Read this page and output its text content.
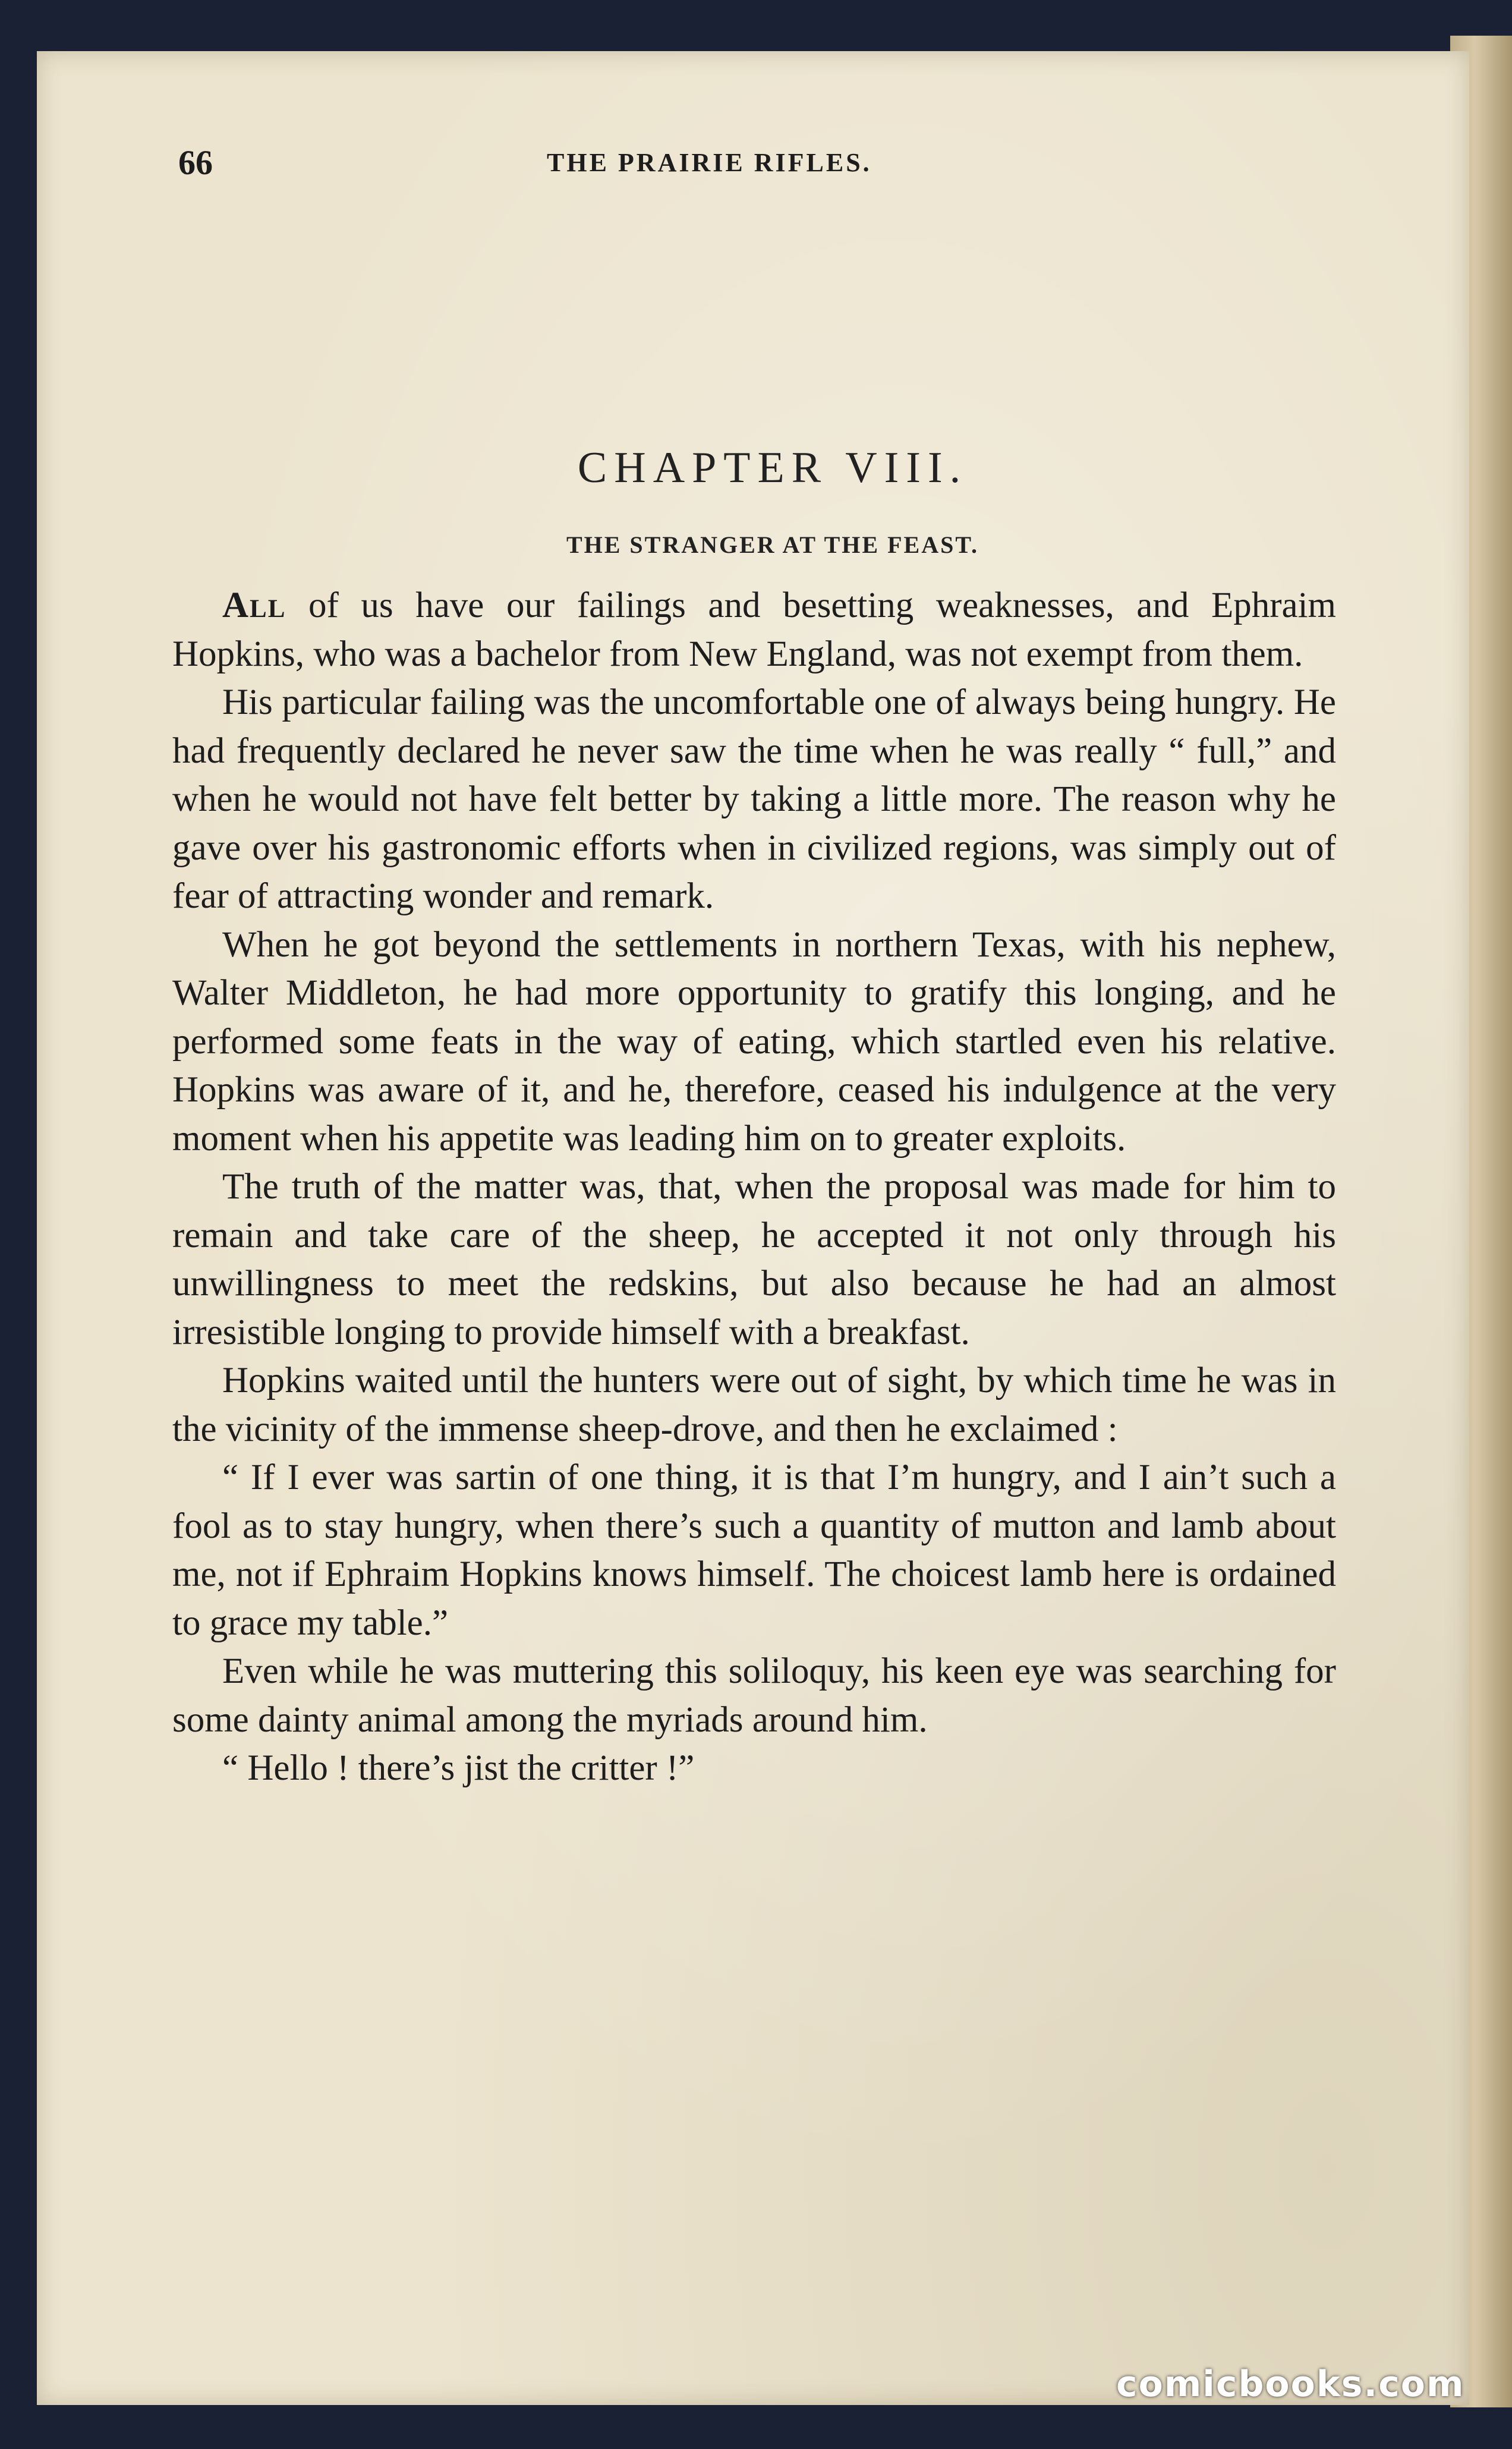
66	THE PRAIRIE RIFLES.
CHAPTER VIII.
THE STRANGER AT THE FEAST.

All of us have our failings and besetting weaknesses, and Ephraim Hopkins, who was a bachelor from New England, was not exempt from them.

His particular failing was the uncomfortable one of always being hungry. He had frequently declared he never saw the time when he was really “ full,” and when he would not have felt better by taking a little more. The reason why he gave over his gastronomic efforts when in civilized regions, was simply out of fear of attracting wonder and remark.

When he got beyond the settlements in northern Texas, with his nephew, Walter Middleton, he had more opportunity to gratify this longing, and he performed some feats in the way of eating, which startled even his relative. Hopkins was aware of it, and he, therefore, ceased his indulgence at the very moment when his appetite was leading him on to greater exploits.

The truth of the matter was, that, when the proposal was made for him to remain and take care of the sheep, he accepted it not only through his unwillingness to meet the redskins, but also because he had an almost irresistible longing to provide himself with a breakfast.

Hopkins waited until the hunters were out of sight, by which time he was in the vicinity of the immense sheep-drove, and then he exclaimed :

“ If I ever was sartin of one thing, it is that I’m hungry, and I ain’t such a fool as to stay hungry, when there’s such a quantity of mutton and lamb about me, not if Ephraim Hopkins knows himself. The choicest lamb here is ordained to grace my table.”

Even while he was muttering this soliloquy, his keen eye was searching for some dainty animal among the myriads around him.

“ Hello ! there’s jist the critter !”

comicbooks.com
